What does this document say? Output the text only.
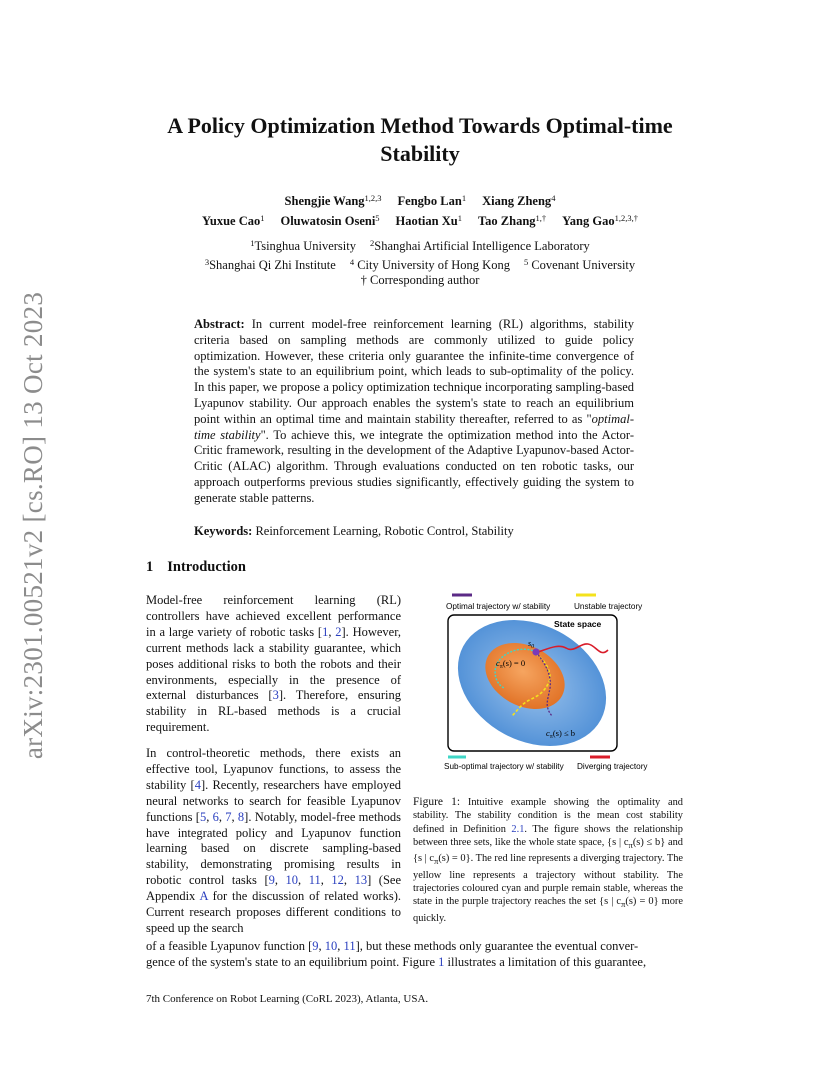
arXiv:2301.00521v2 [cs.RO] 13 Oct 2023
A Policy Optimization Method Towards Optimal-time
Stability
Shengjie Wang$^{1,2,3}$ Fengbo Lan$^1$ Xiang Zheng$^4$
Yuxue Cao$^1$ Oluwatosin Oseni$^5$ Haotian Xu$^1$ Tao Zhang$^{1,\dagger}$ Yang Gao$^{1,2,3,\dagger}$
$^1$Tsinghua University $^2$Shanghai Artificial Intelligence Laboratory
$^3$Shanghai Qi Zhi Institute $^4$ City University of Hong Kong $^5$ Covenant University
† Corresponding author
Abstract: In current model-free reinforcement learning (RL) algorithms, stability criteria based on sampling methods are commonly utilized to guide policy optimization. However, these criteria only guarantee the infinite-time convergence of the system's state to an equilibrium point, which leads to sub-optimality of the policy. In this paper, we propose a policy optimization technique incorporating sampling-based Lyapunov stability. Our approach enables the system's state to reach an equilibrium point within an optimal time and maintain stability thereafter, referred to as "optimal-time stability". To achieve this, we integrate the optimization method into the Actor-Critic framework, resulting in the development of the Adaptive Lyapunov-based Actor-Critic (ALAC) algorithm. Through evaluations conducted on ten robotic tasks, our approach outperforms previous studies significantly, effectively guiding the system to generate stable patterns.
Keywords: Reinforcement Learning, Robotic Control, Stability
1 Introduction
Model-free reinforcement learning (RL) controllers have achieved excellent performance in a large variety of robotic tasks [1, 2]. However, current methods lack a stability guarantee, which poses additional risks to both the robots and their environments, especially in the presence of external disturbances [3]. Therefore, ensuring stability in RL-based methods is a crucial requirement.
In control-theoretic methods, there exists an effective tool, Lyapunov functions, to assess the stability [4]. Recently, researchers have employed neural networks to search for feasible Lyapunov functions [5, 6, 7, 8]. Notably, model-free methods have integrated policy and Lyapunov function learning based on discrete sampling-based stability, demonstrating promising results in robotic control tasks [9, 10, 11, 12, 13] (See Appendix A for the discussion of related works). Current research proposes different conditions to speed up the search
of a feasible Lyapunov function [9, 10, 11], but these methods only guarantee the eventual conver-
gence of the system's state to an equilibrium point. Figure 1 illustrates a limitation of this guarantee,
Optimal trajectory w/ stability	Unstable trajectory
State space
$s_0$
$c_\pi(s) = 0$
$c_\pi(s) \le b$
Sub-optimal trajectory w/ stability Diverging trajectory
Figure 1: Intuitive example showing the optimality and stability. The stability condition is the mean cost stability defined in Definition 2.1. The figure shows the relationship between three sets, like the whole state space, {s | $c_\pi(s) \le b$} and {s | $c_\pi(s) = 0$}. The red line represents a diverging trajectory. The yellow line represents a trajectory without stability. The trajectories coloured cyan and purple remain stable, whereas the state in the purple trajectory reaches the set {s | $c_\pi(s) = 0$} more quickly.
7th Conference on Robot Learning (CoRL 2023), Atlanta, USA.
